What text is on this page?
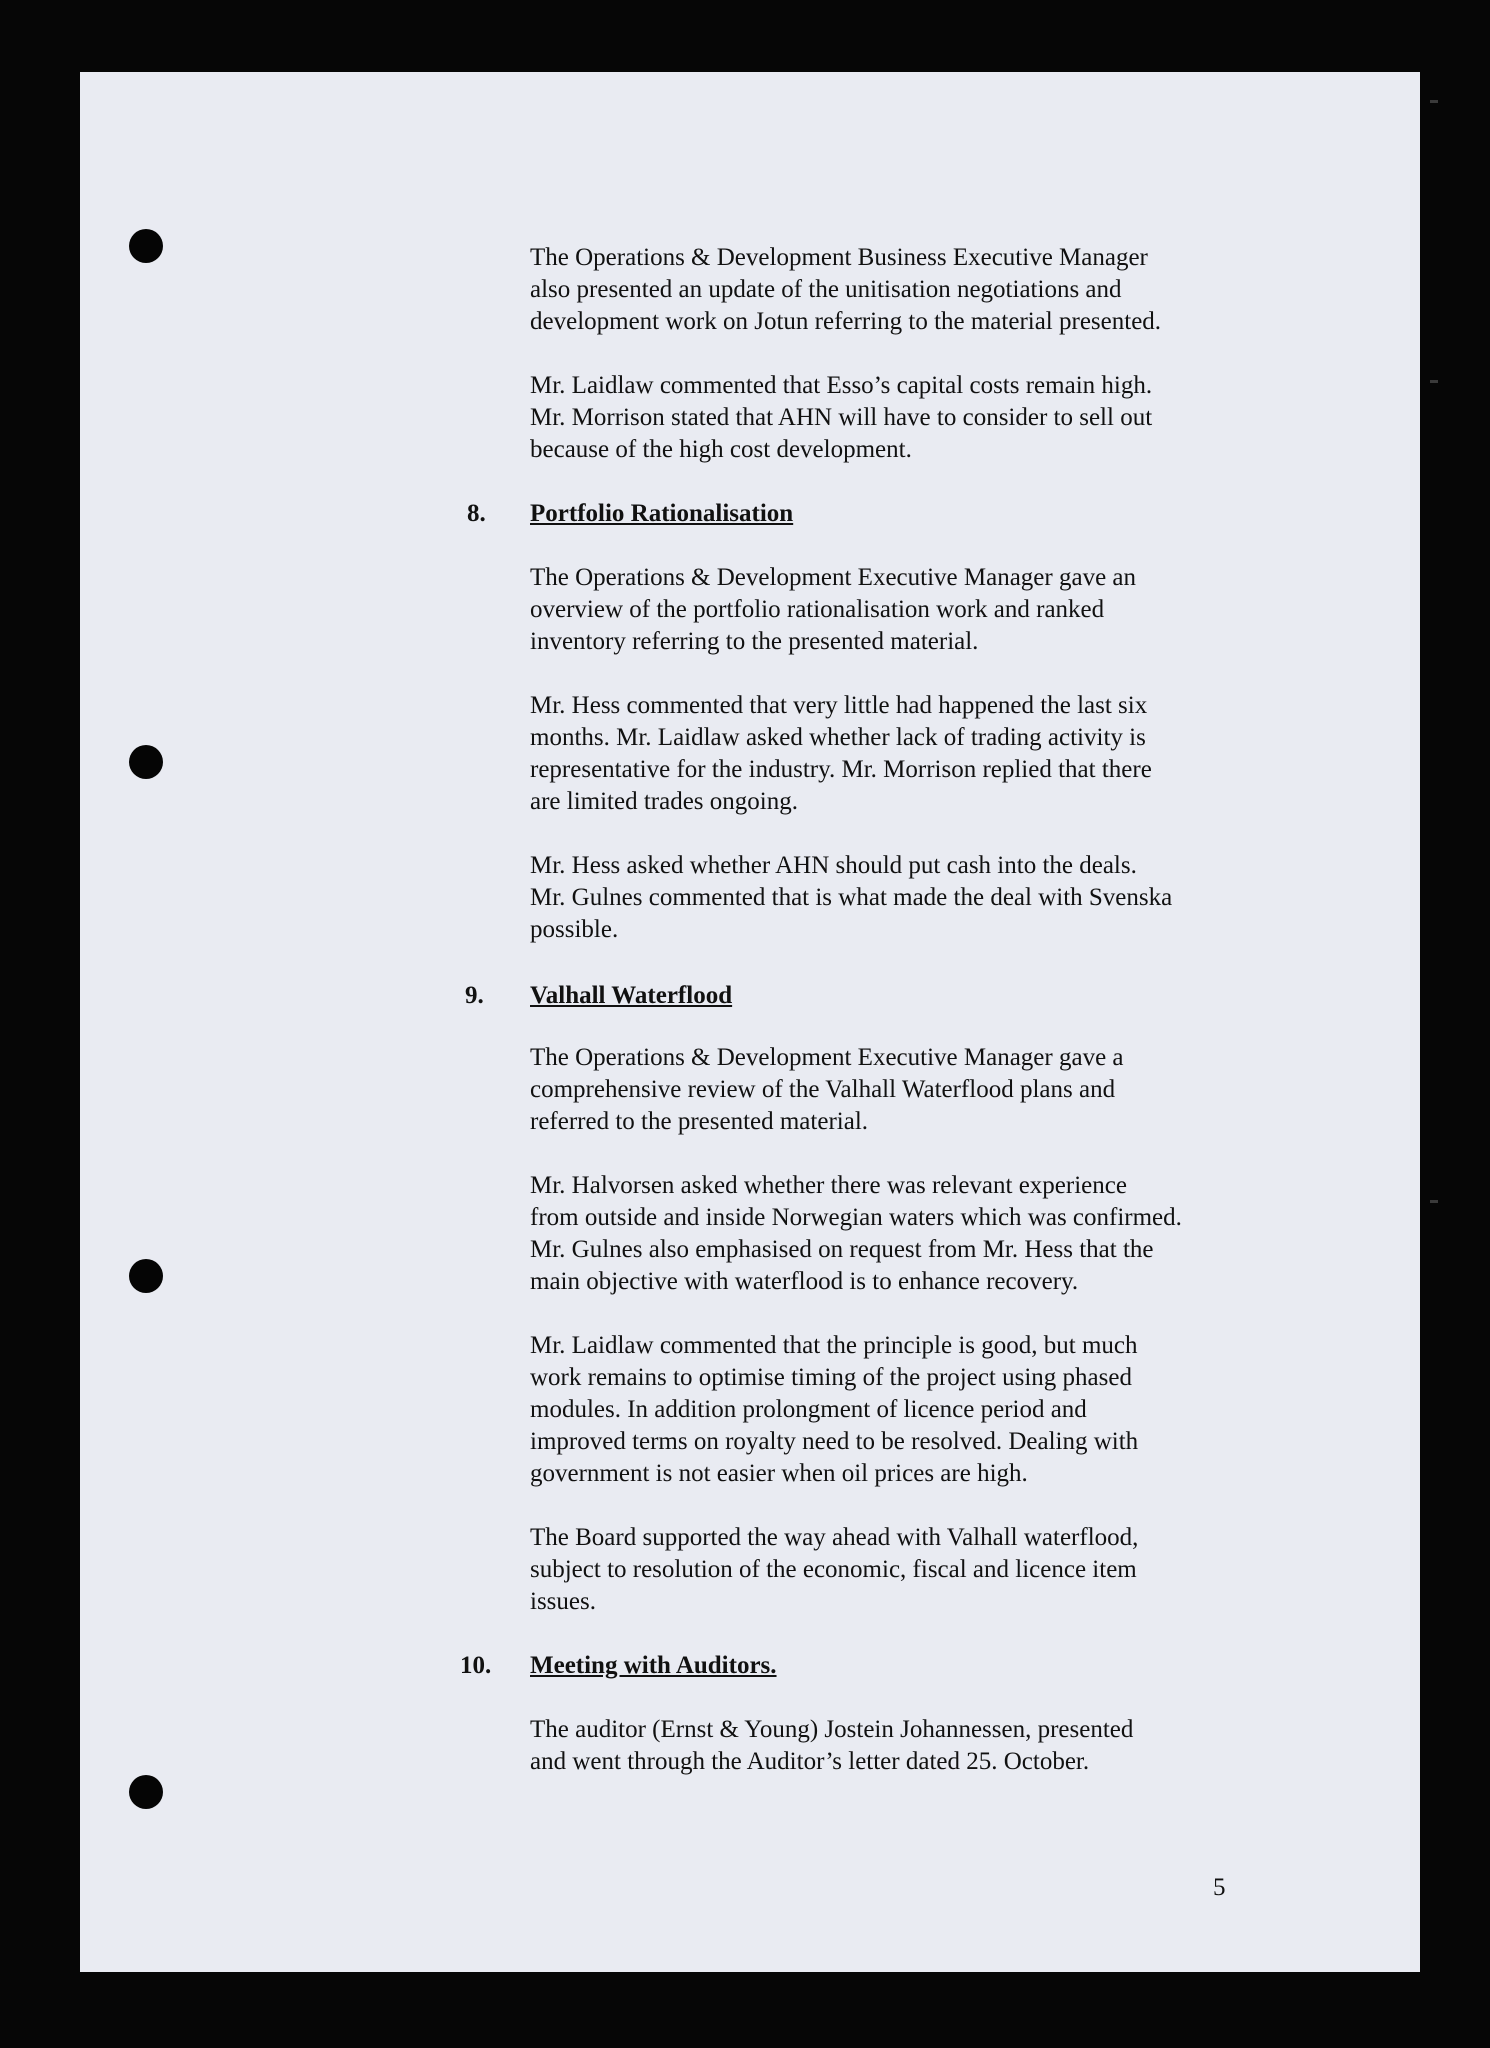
The Operations & Development Business Executive Manager
also presented an update of the unitisation negotiations and
development work on Jotun referring to the material presented.
Mr. Laidlaw commented that Esso’s capital costs remain high.
Mr. Morrison stated that AHN will have to consider to sell out
because of the high cost development.
8. Portfolio Rationalisation
The Operations & Development Executive Manager gave an
overview of the portfolio rationalisation work and ranked
inventory referring to the presented material.
Mr. Hess commented that very little had happened the last six
months. Mr. Laidlaw asked whether lack of trading activity is
representative for the industry. Mr. Morrison replied that there
are limited trades ongoing.
Mr. Hess asked whether AHN should put cash into the deals.
Mr. Gulnes commented that is what made the deal with Svenska
possible.
9. Valhall Waterflood
The Operations & Development Executive Manager gave a
comprehensive review of the Valhall Waterflood plans and
referred to the presented material.
Mr. Halvorsen asked whether there was relevant experience
from outside and inside Norwegian waters which was confirmed.
Mr. Gulnes also emphasised on request from Mr. Hess that the
main objective with waterflood is to enhance recovery.
Mr. Laidlaw commented that the principle is good, but much
work remains to optimise timing of the project using phased
modules. In addition prolongment of licence period and
improved terms on royalty need to be resolved. Dealing with
government is not easier when oil prices are high.
The Board supported the way ahead with Valhall waterflood,
subject to resolution of the economic, fiscal and licence item
issues.
10. Meeting with Auditors.
The auditor (Ernst & Young) Jostein Johannessen, presented
and went through the Auditor’s letter dated 25. October.
5
